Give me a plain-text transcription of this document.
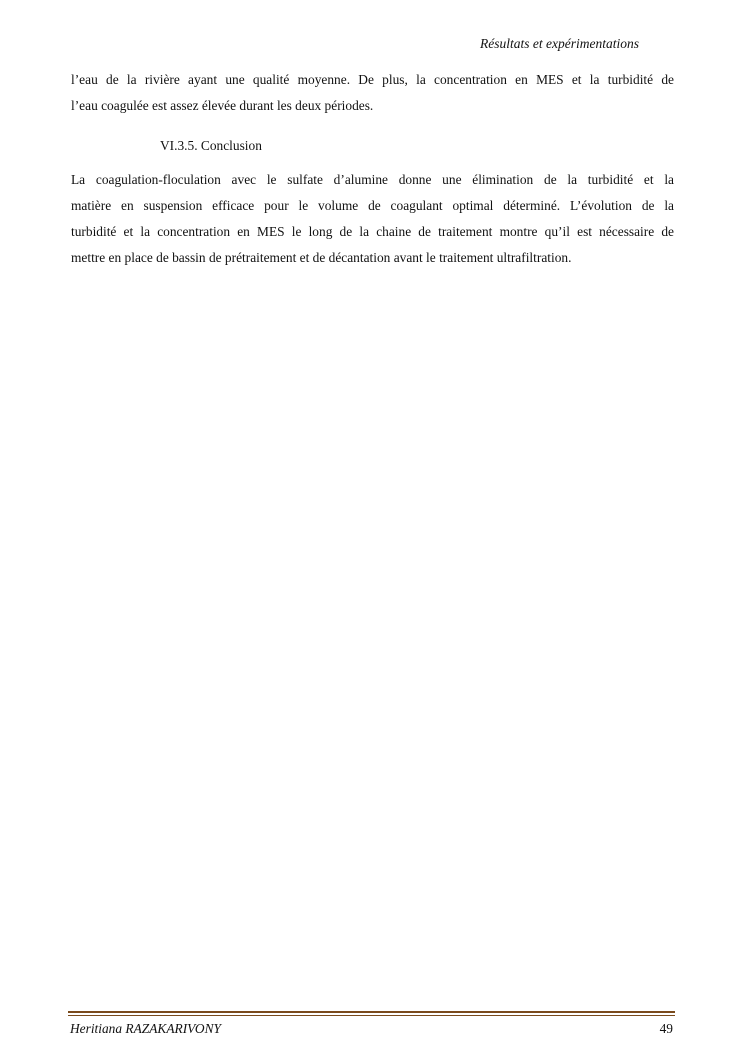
Résultats et expérimentations
l’eau de la rivière ayant une qualité moyenne. De plus, la concentration en MES et la turbidité de
l’eau coagulée est assez élevée durant les deux périodes.
VI.3.5. Conclusion
La coagulation-floculation avec le sulfate d’alumine donne une élimination de la turbidité et la
matière en suspension efficace pour le volume de coagulant optimal déterminé. L’évolution de la
turbidité et la concentration en MES le long de la chaine de traitement montre qu’il est nécessaire de
mettre en place de bassin de prétraitement et de décantation avant le traitement ultrafiltration.
Heritiana RAZAKARIVONY	49
